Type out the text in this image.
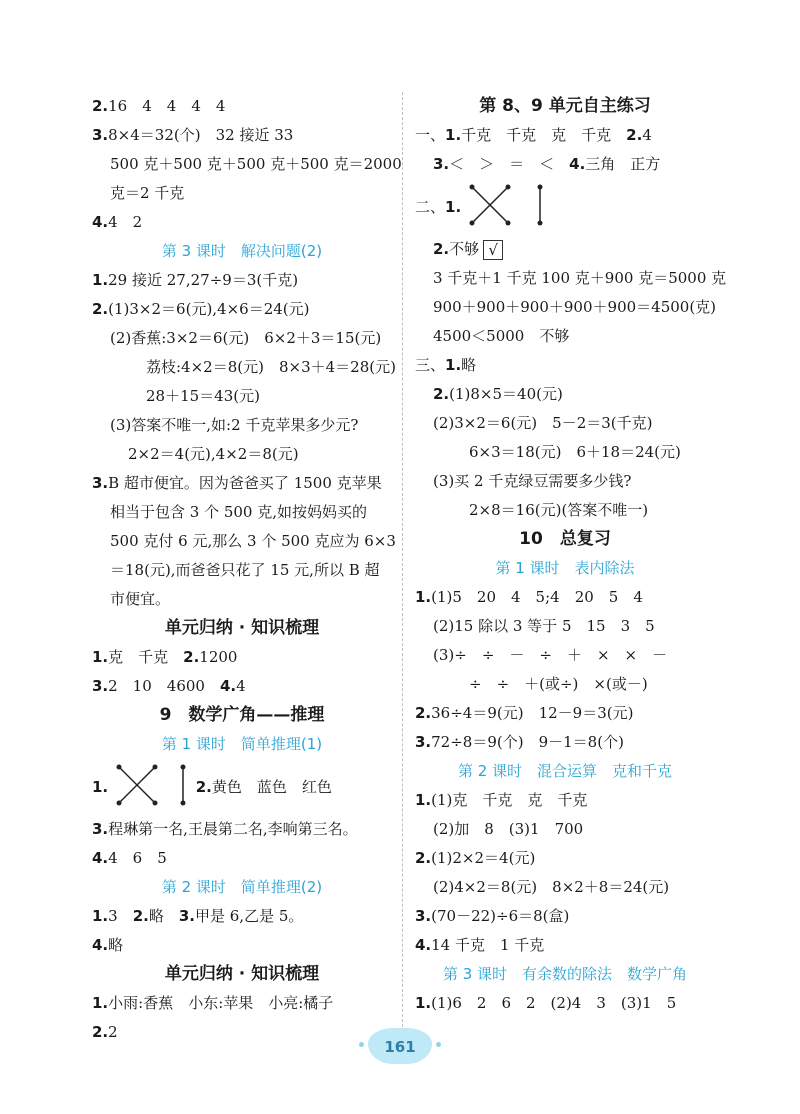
2.16　4　4　4　4
3.8×4＝32(个)　32 接近 33
500 克＋500 克＋500 克＋500 克＝2000
克＝2 千克
4.4　2
第 3 课时　解决问题(2)
1.29 接近 27,27÷9＝3(千克)
2.(1)3×2＝6(元),4×6＝24(元)
(2)香蕉:3×2＝6(元)　6×2＋3＝15(元)
荔枝:4×2＝8(元)　8×3＋4＝28(元)
28＋15＝43(元)
(3)答案不唯一,如:2 千克苹果多少元?
2×2＝4(元),4×2＝8(元)
3.B 超市便宜。因为爸爸买了 1500 克苹果
相当于包含 3 个 500 克,如按妈妈买的
500 克付 6 元,那么 3 个 500 克应为 6×3
＝18(元),而爸爸只花了 15 元,所以 B 超
市便宜。
单元归纳 · 知识梳理
1.克　千克　2.1200
3.2　10　4600　4.4
9　数学广角——推理
第 1 课时　简单推理(1)
1.	2.黄色　蓝色　红色
3.程琳第一名,王晨第二名,李响第三名。
4.4　6　5
第 2 课时　简单推理(2)
1.3　2.略　3.甲是 6,乙是 5。
4.略
单元归纳 · 知识梳理
1.小雨:香蕉　小东:苹果　小亮:橘子
2.2
第 8、9 单元自主练习
一、1.千克　千克　克　千克　2.4
3.＜　＞　＝　＜　4.三角　正方
二、1.
2.不够 √
3 千克＋1 千克 100 克＋900 克＝5000 克
900＋900＋900＋900＋900＝4500(克)
4500＜5000　不够
三、1.略
2.(1)8×5＝40(元)
(2)3×2＝6(元)　5－2＝3(千克)
6×3＝18(元)　6＋18＝24(元)
(3)买 2 千克绿豆需要多少钱?
2×8＝16(元)(答案不唯一)
10　总复习
第 1 课时　表内除法
1.(1)5　20　4　5;4　20　5　4
(2)15 除以 3 等于 5　15　3　5
(3)÷　÷　－　÷　＋　×　×　－
÷　÷　＋(或÷)　×(或－)
2.36÷4＝9(元)　12－9＝3(元)
3.72÷8＝9(个)　9－1＝8(个)
第 2 课时　混合运算　克和千克
1.(1)克　千克　克　千克
(2)加　8　(3)1　700
2.(1)2×2＝4(元)
(2)4×2＝8(元)　8×2＋8＝24(元)
3.(70－22)÷6＝8(盒)
4.14 千克　1 千克
第 3 课时　有余数的除法　数学广角
1.(1)6　2　6　2　(2)4　3　(3)1　5
161
